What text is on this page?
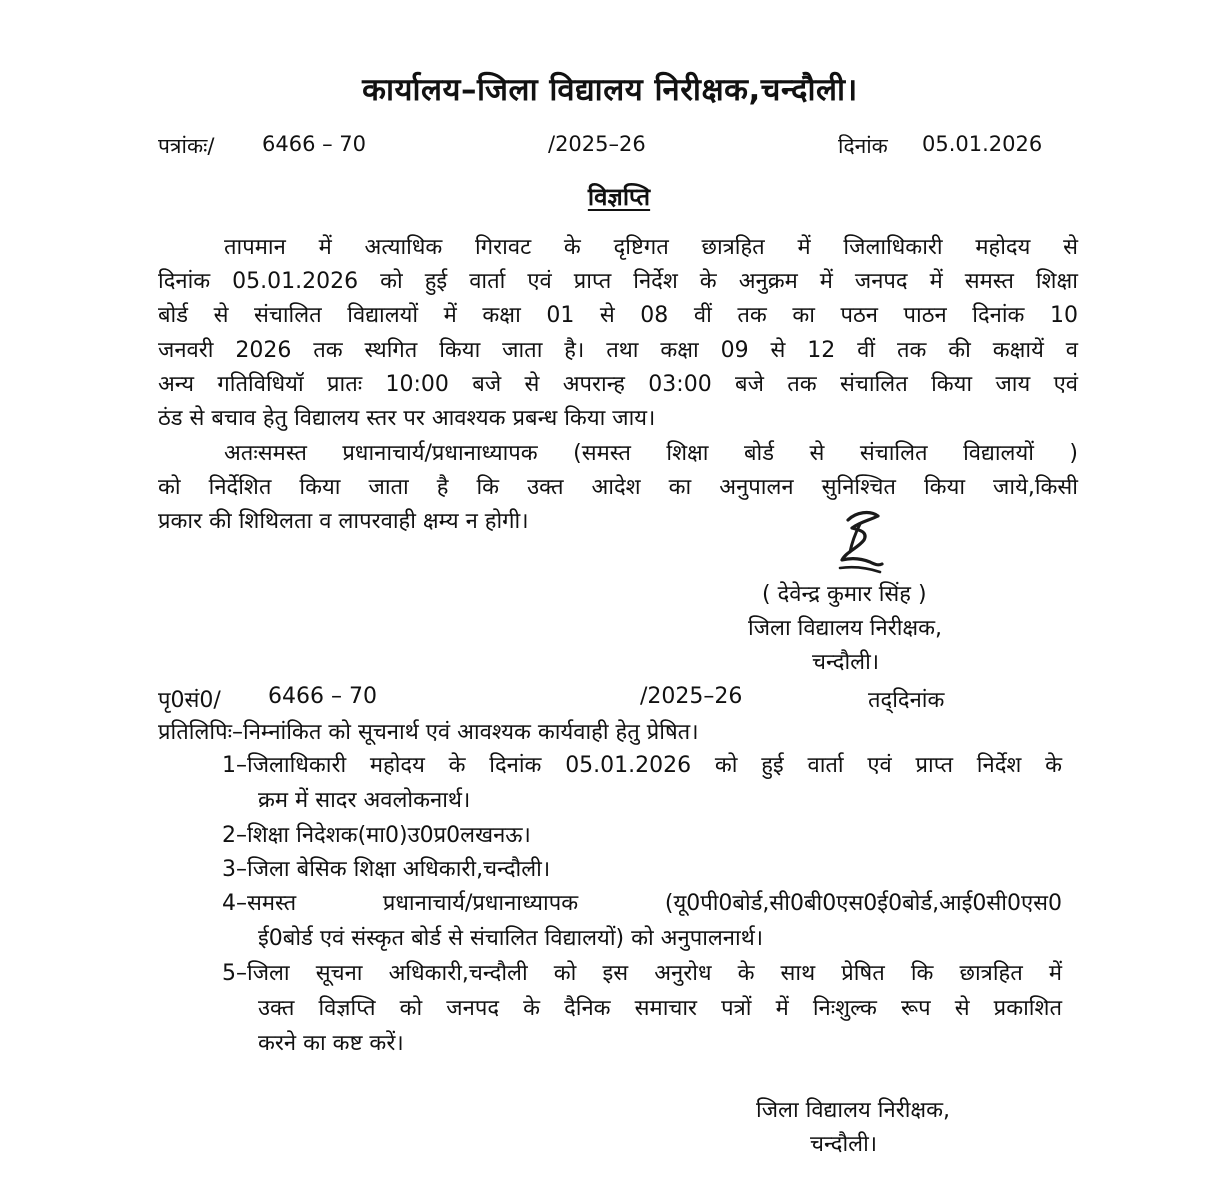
कार्यालय–जिला विद्यालय निरीक्षक,चन्दौली।
पत्रांकः/ 6466 – 70	/2025–26	दिनांक 05.01.2026
विज्ञप्ति
तापमान में अत्याधिक गिरावट के दृष्टिगत छात्रहित में जिलाधिकारी महोदय से
दिनांक 05.01.2026 को हुई वार्ता एवं प्राप्त निर्देश के अनुक्रम में जनपद में समस्त शिक्षा
बोर्ड से संचालित विद्यालयों में कक्षा 01 से 08 वीं तक का पठन पाठन दिनांक 10
जनवरी 2026 तक स्थगित किया जाता है। तथा कक्षा 09 से 12 वीं तक की कक्षायें व
अन्य गतिविधियॉ प्रातः 10:00 बजे से अपरान्ह 03:00 बजे तक संचालित किया जाय एवं
ठंड से बचाव हेतु विद्यालय स्तर पर आवश्यक प्रबन्ध किया जाय।
अतःसमस्त प्रधानाचार्य/प्रधानाध्यापक (समस्त शिक्षा बोर्ड से संचालित विद्यालयों )
को निर्देशित किया जाता है कि उक्त आदेश का अनुपालन सुनिश्चित किया जाये,किसी
प्रकार की शिथिलता व लापरवाही क्षम्य न होगी।
( देवेन्द्र कुमार सिंह )
जिला विद्यालय निरीक्षक,
चन्दौली।
पृ0सं0/ 6466 – 70	/2025–26	तद्‌दिनांक
प्रतिलिपिः–निम्नांकित को सूचनार्थ एवं आवश्यक कार्यवाही हेतु प्रेषित।
1–जिलाधिकारी महोदय के दिनांक 05.01.2026 को हुई वार्ता एवं प्राप्त निर्देश के
क्रम में सादर अवलोकनार्थ।
2–शिक्षा निदेशक(मा0)उ0प्र0लखनऊ।
3–जिला बेसिक शिक्षा अधिकारी,चन्दौली।
4–समस्त प्रधानाचार्य/प्रधानाध्यापक (यू0पी0बोर्ड,सी0बी0एस0ई0बोर्ड,आई0सी0एस0
ई0बोर्ड एवं संस्कृत बोर्ड से संचालित विद्यालयों) को अनुपालनार्थ।
5–जिला सूचना अधिकारी,चन्दौली को इस अनुरोध के साथ प्रेषित कि छात्रहित में
उक्त विज्ञप्ति को जनपद के दैनिक समाचार पत्रों में निःशुल्क रूप से प्रकाशित
करने का कष्ट करें।
जिला विद्यालय निरीक्षक,
चन्दौली।
